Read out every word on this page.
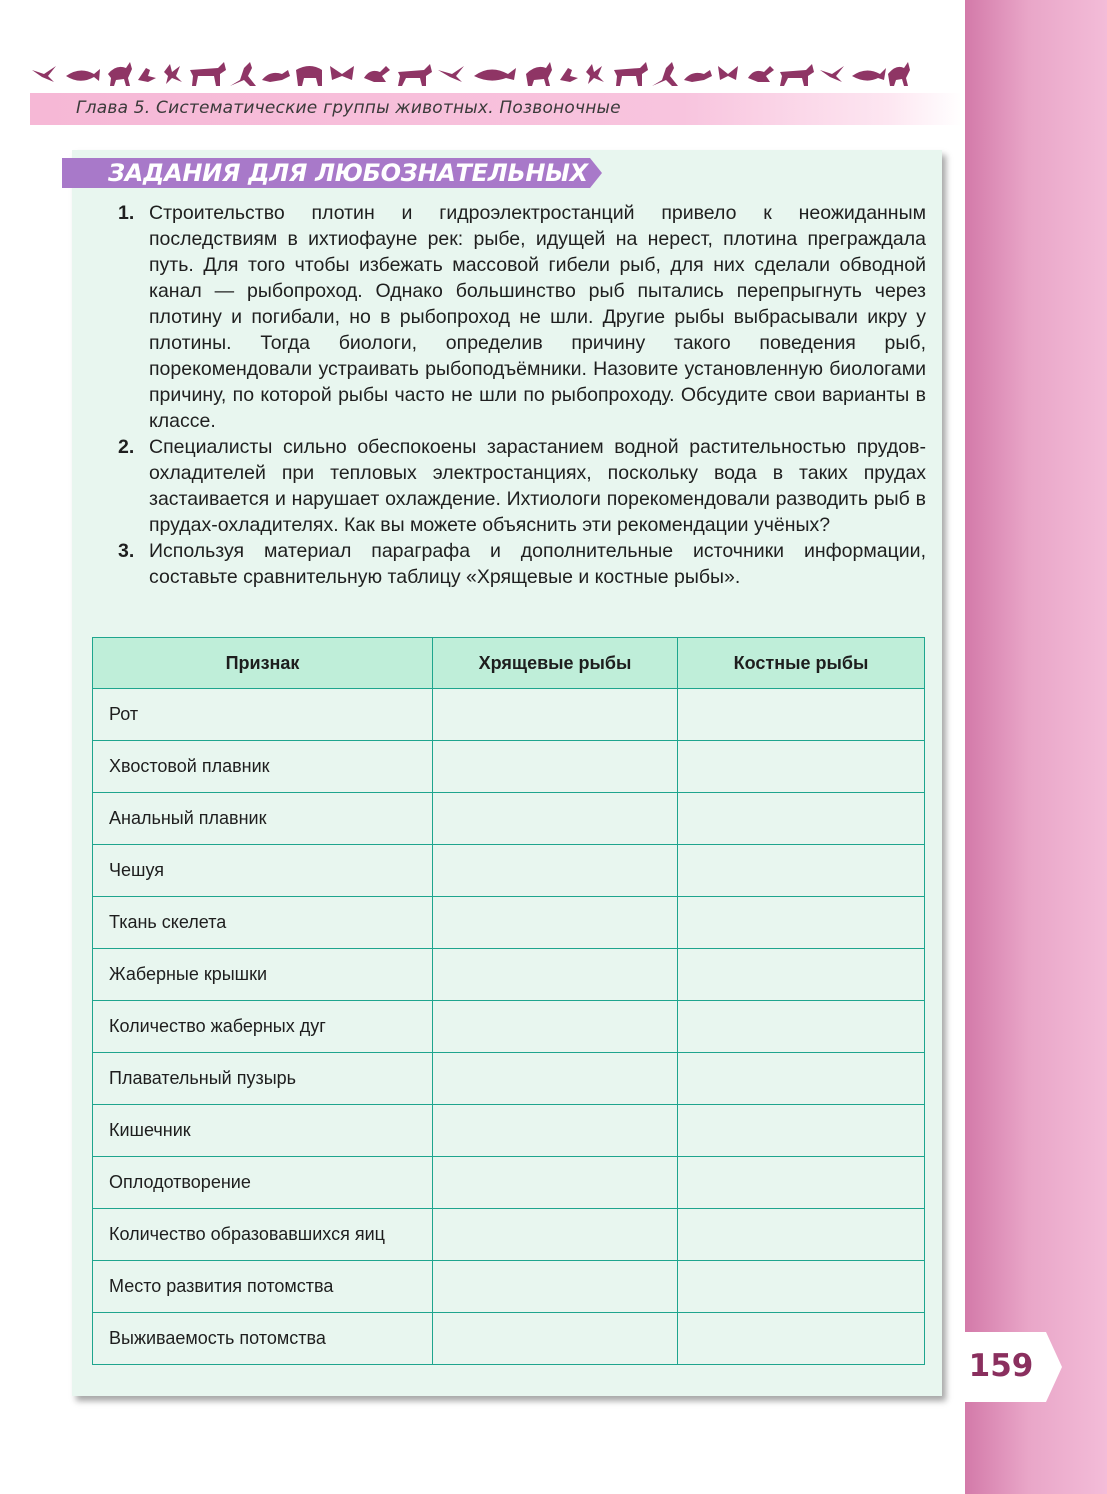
Глава 5. Систематические группы животных. Позвоночные
ЗАДАНИЯ ДЛЯ ЛЮБОЗНАТЕЛЬНЫХ
1. Строительство плотин и гидроэлектростанций привело к неожиданным последствиям в ихтиофауне рек: рыбе, идущей на нерест, плотина преграждала путь. Для того чтобы избежать массовой гибели рыб, для них сделали обводной канал — рыбопроход. Однако большинство рыб пытались перепрыгнуть через плотину и погибали, но в рыбопроход не шли. Другие рыбы выбрасывали икру у плотины. Тогда биологи, определив причину такого поведения рыб, порекомендовали устраивать рыбоподъёмники. Назовите установленную биологами причину, по которой рыбы часто не шли по рыбопроходу. Обсудите свои варианты в классе.
2. Специалисты сильно обеспокоены зарастанием водной растительностью прудов-охладителей при тепловых электростанциях, поскольку вода в таких прудах застаивается и нарушает охлаждение. Ихтиологи порекомендовали разводить рыб в прудах-охладителях. Как вы можете объяснить эти рекомендации учёных?
3. Используя материал параграфа и дополнительные источники информации, составьте сравнительную таблицу «Хрящевые и костные рыбы».
Признак	Хрящевые рыбы	Костные рыбы
Рот		
Хвостовой плавник		
Анальный плавник		
Чешуя		
Ткань скелета		
Жаберные крышки		
Количество жаберных дуг		
Плавательный пузырь		
Кишечник		
Оплодотворение		
Количество образовавшихся яиц		
Место развития потомства		
Выживаемость потомства		
159
